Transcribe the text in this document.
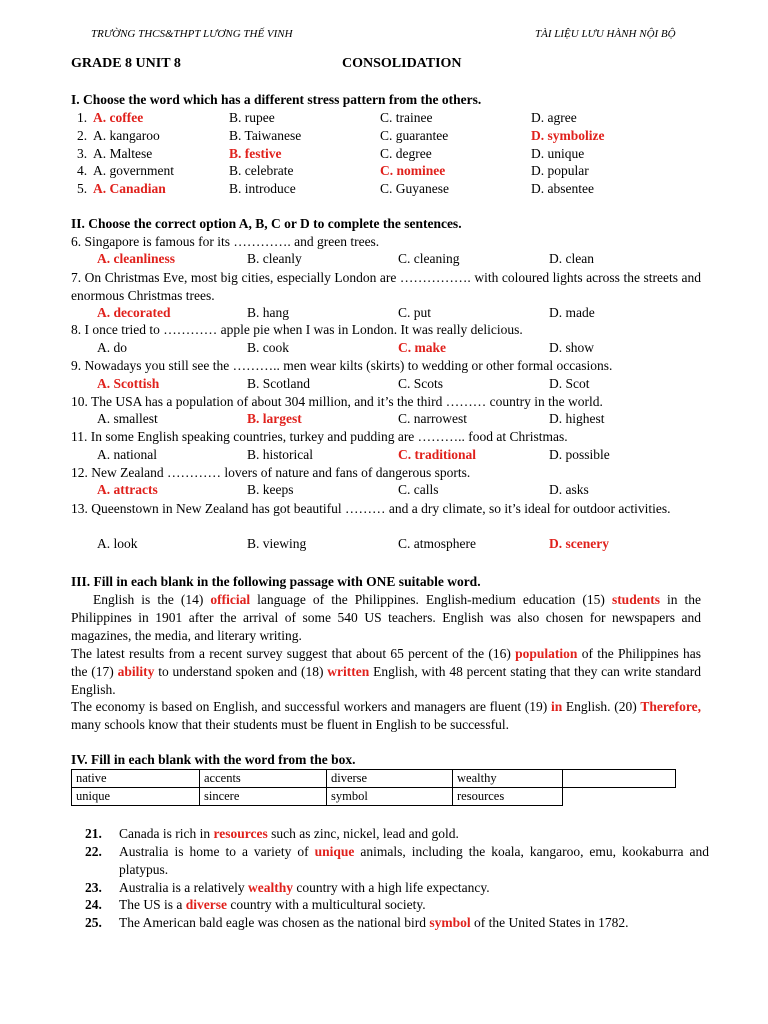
TRƯỜNG THCS&THPT LƯƠNG THẾ VINH	TÀI LIỆU LƯU HÀNH NỘI BỘ
GRADE 8 UNIT 8	CONSOLIDATION
I. Choose the word which has a different stress pattern from the others.
1. A. coffee	B. rupee	C. trainee	D. agree
2. A. kangaroo	B. Taiwanese	C. guarantee	D. symbolize
3. A. Maltese	B. festive	C. degree	D. unique
4. A. government	B. celebrate	C. nominee	D. popular
5. A. Canadian	B. introduce	C. Guyanese	D. absentee
II. Choose the correct option A, B, C or D to complete the sentences.
6. Singapore is famous for its …………. and green trees.
A. cleanliness	B. cleanly	C. cleaning	D. clean
7. On Christmas Eve, most big cities, especially London are ……………. with coloured lights across the streets and enormous Christmas trees.
A. decorated	B. hang	C. put	D. made
8. I once tried to ………… apple pie when I was in London. It was really delicious.
A. do	B. cook	C. make	D. show
9. Nowadays you still see the ……….. men wear kilts (skirts) to wedding or other formal occasions.
A. Scottish	B. Scotland	C. Scots	D. Scot
10. The USA has a population of about 304 million, and it’s the third ……… country in the world.
A. smallest	B. largest	C. narrowest	D. highest
11. In some English speaking countries, turkey and pudding are ……….. food at Christmas.
A. national	B. historical	C. traditional	D. possible
12. New Zealand ………… lovers of nature and fans of dangerous sports.
A. attracts	B. keeps	C. calls	D. asks
13. Queenstown in New Zealand has got beautiful ……… and a dry climate, so it’s ideal for outdoor activities.
A. look	B. viewing	C. atmosphere	D. scenery
III. Fill in each blank in the following passage with ONE suitable word.
English is the (14) official language of the Philippines. English-medium education (15) students in the Philippines in 1901 after the arrival of some 540 US teachers. English was also chosen for newspapers and magazines, the media, and literary writing.
The latest results from a recent survey suggest that about 65 percent of the (16) population of the Philippines has the (17) ability to understand spoken and (18) written English, with 48 percent stating that they can write standard English.
The economy is based on English, and successful workers and managers are fluent (19) in English. (20) Therefore, many schools know that their students must be fluent in English to be successful.
IV. Fill in each blank with the word from the box.
native	accents	diverse	wealthy	
unique	sincere	symbol	resources	
21. Canada is rich in resources such as zinc, nickel, lead and gold.
22. Australia is home to a variety of unique animals, including the koala, kangaroo, emu, kookaburra and platypus.
23. Australia is a relatively wealthy country with a high life expectancy.
24. The US is a diverse country with a multicultural society.
25. The American bald eagle was chosen as the national bird symbol of the United States in 1782.
